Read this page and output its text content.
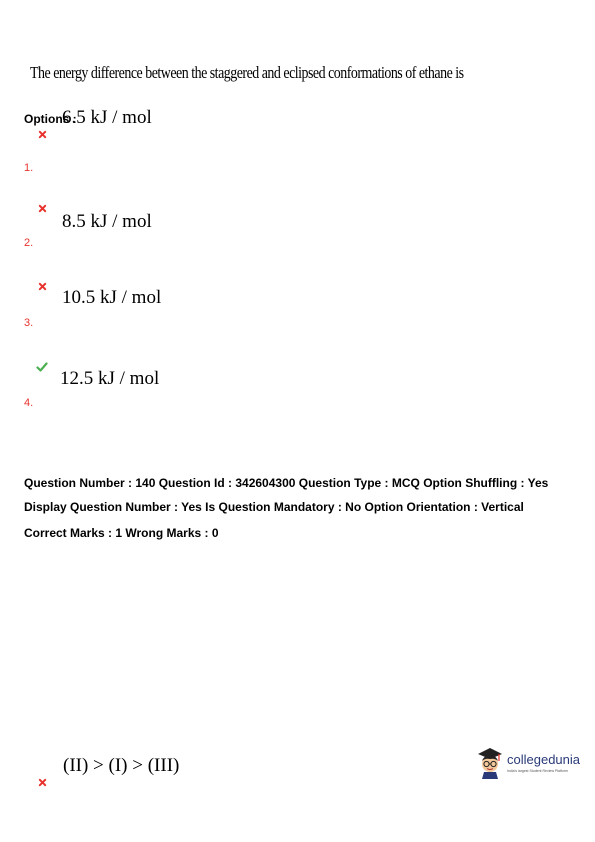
The energy difference between the staggered and eclipsed conformations of ethane is
6.5 kJ / mol
Options :
1.
8.5 kJ / mol
2.
10.5 kJ / mol
3.
12.5 kJ / mol
4.
Question Number : 140 Question Id : 342604300 Question Type : MCQ Option Shuffling : Yes
Display Question Number : Yes Is Question Mandatory : No Option Orientation : Vertical
Correct Marks : 1 Wrong Marks : 0
(II) > (I) > (III)	collegedunia
India's largest Student Review Platform
